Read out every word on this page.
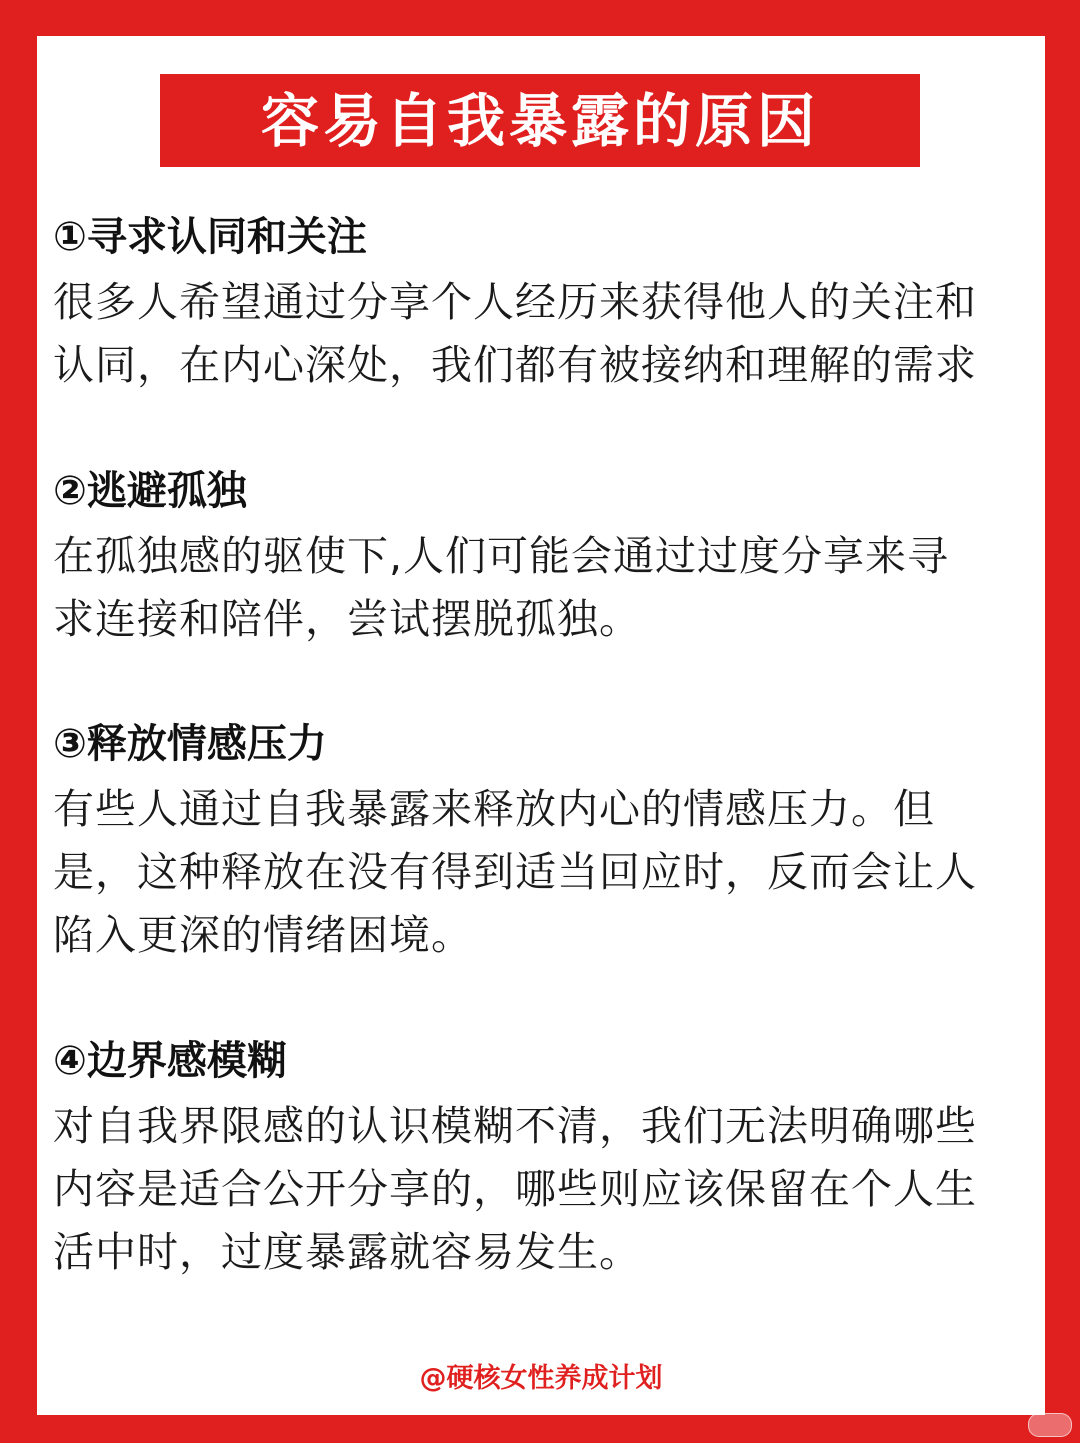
容易自我暴露的原因
①寻求认同和关注
很多人希望通过分享个人经历来获得他人的关注和
认同，在内心深处，我们都有被接纳和理解的需求
②逃避孤独
在孤独感的驱使下,人们可能会通过过度分享来寻
求连接和陪伴，尝试摆脱孤独。
③释放情感压力
有些人通过自我暴露来释放内心的情感压力。但
是，这种释放在没有得到适当回应时，反而会让人
陷入更深的情绪困境。
④边界感模糊
对自我界限感的认识模糊不清，我们无法明确哪些
内容是适合公开分享的，哪些则应该保留在个人生
活中时，过度暴露就容易发生。
@硬核女性养成计划
